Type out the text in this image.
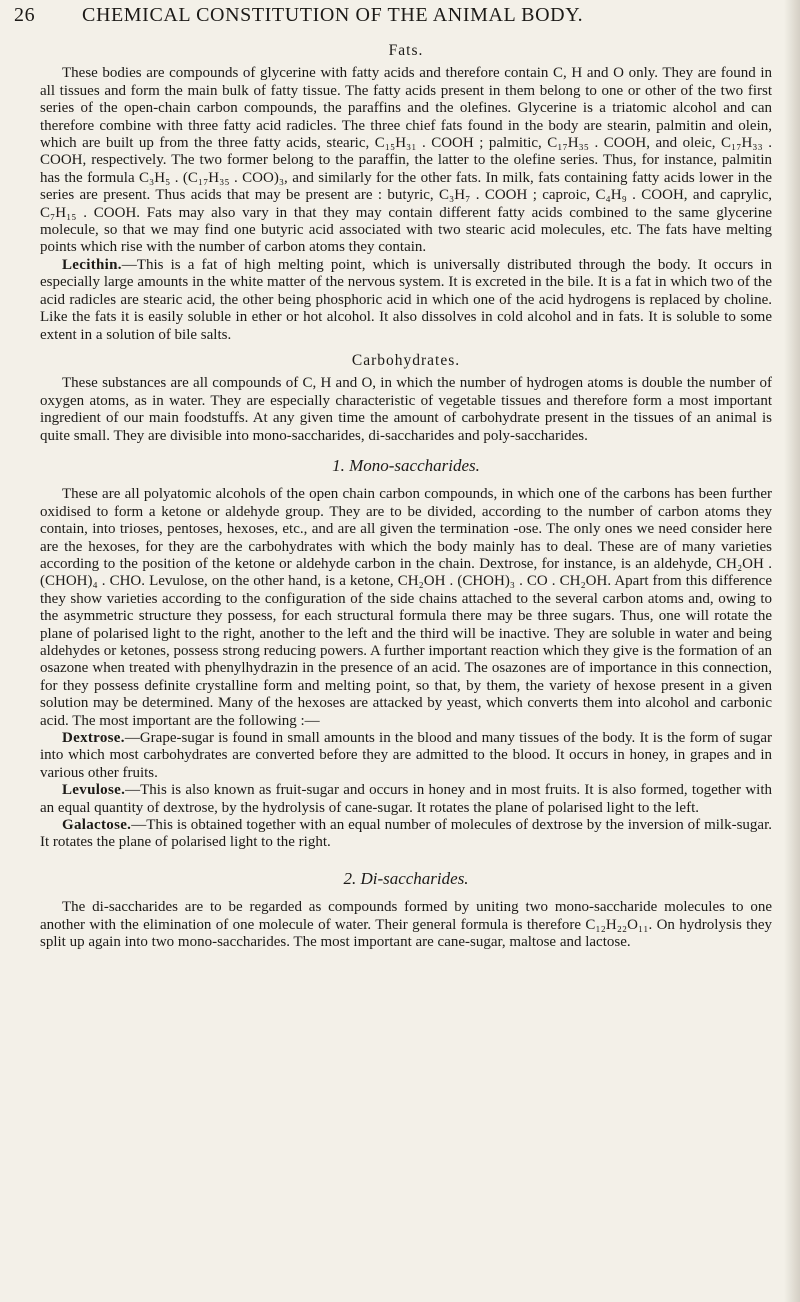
26 CHEMICAL CONSTITUTION OF THE ANIMAL BODY.
Fats.

These bodies are compounds of glycerine with fatty acids and therefore contain C, H and O only. They are found in all tissues and form the main bulk of fatty tissue. The fatty acids present in them belong to one or other of the two first series of the open-chain carbon compounds, the paraffins and the olefines. Glycerine is a triatomic alcohol and can therefore combine with three fatty acid radicles. The three chief fats found in the body are stearin, palmitin and olein, which are built up from the three fatty acids, stearic, C₁₅H₃₁ . COOH ; palmitic, C₁₇H₃₅ . COOH, and oleic, C₁₇H₃₃ . COOH, respectively. The two former belong to the paraffin, the latter to the olefine series. Thus, for instance, palmitin has the formula C₃H₅ . (C₁₇H₃₅ . COO)₃, and similarly for the other fats. In milk, fats containing fatty acids lower in the series are present. Thus acids that may be present are : butyric, C₃H₇ . COOH ; caproic, C₄H₉ . COOH, and caprylic, C₇H₁₅ . COOH. Fats may also vary in that they may contain different fatty acids combined to the same glycerine molecule, so that we may find one butyric acid associated with two stearic acid molecules, etc. The fats have melting points which rise with the number of carbon atoms they contain.

Lecithin.—This is a fat of high melting point, which is universally distributed through the body. It occurs in especially large amounts in the white matter of the nervous system. It is excreted in the bile. It is a fat in which two of the acid radicles are stearic acid, the other being phosphoric acid in which one of the acid hydrogens is replaced by choline. Like the fats it is easily soluble in ether or hot alcohol. It also dissolves in cold alcohol and in fats. It is soluble to some extent in a solution of bile salts.

Carbohydrates.

These substances are all compounds of C, H and O, in which the number of hydrogen atoms is double the number of oxygen atoms, as in water. They are especially characteristic of vegetable tissues and therefore form a most important ingredient of our main foodstuffs. At any given time the amount of carbohydrate present in the tissues of an animal is quite small. They are divisible into mono-saccharides, di-saccharides and poly-saccharides.

1. Mono-saccharides.

These are all polyatomic alcohols of the open chain carbon compounds, in which one of the carbons has been further oxidised to form a ketone or aldehyde group. They are to be divided, according to the number of carbon atoms they contain, into trioses, pentoses, hexoses, etc., and are all given the termination -ose. The only ones we need consider here are the hexoses, for they are the carbohydrates with which the body mainly has to deal. These are of many varieties according to the position of the ketone or aldehyde carbon in the chain. Dextrose, for instance, is an aldehyde, CH₂OH . (CHOH)₄ . CHO. Levulose, on the other hand, is a ketone, CH₂OH . (CHOH)₃ . CO . CH₂OH. Apart from this difference they show varieties according to the configuration of the side chains attached to the several carbon atoms and, owing to the asymmetric structure they possess, for each structural formula there may be three sugars. Thus, one will rotate the plane of polarised light to the right, another to the left and the third will be inactive. They are soluble in water and being aldehydes or ketones, possess strong reducing powers. A further important reaction which they give is the formation of an osazone when treated with phenylhydrazin in the presence of an acid. The osazones are of importance in this connection, for they possess definite crystalline form and melting point, so that, by them, the variety of hexose present in a given solution may be determined. Many of the hexoses are attacked by yeast, which converts them into alcohol and carbonic acid. The most important are the following :—

Dextrose.—Grape-sugar is found in small amounts in the blood and many tissues of the body. It is the form of sugar into which most carbohydrates are converted before they are admitted to the blood. It occurs in honey, in grapes and in various other fruits.

Levulose.—This is also known as fruit-sugar and occurs in honey and in most fruits. It is also formed, together with an equal quantity of dextrose, by the hydrolysis of cane-sugar. It rotates the plane of polarised light to the left.

Galactose.—This is obtained together with an equal number of molecules of dextrose by the inversion of milk-sugar. It rotates the plane of polarised light to the right.

2. Di-saccharides.

The di-saccharides are to be regarded as compounds formed by uniting two mono-saccharide molecules to one another with the elimination of one molecule of water. Their general formula is therefore C₁₂H₂₂O₁₁. On hydrolysis they split up again into two mono-saccharides. The most important are cane-sugar, maltose and lactose.
